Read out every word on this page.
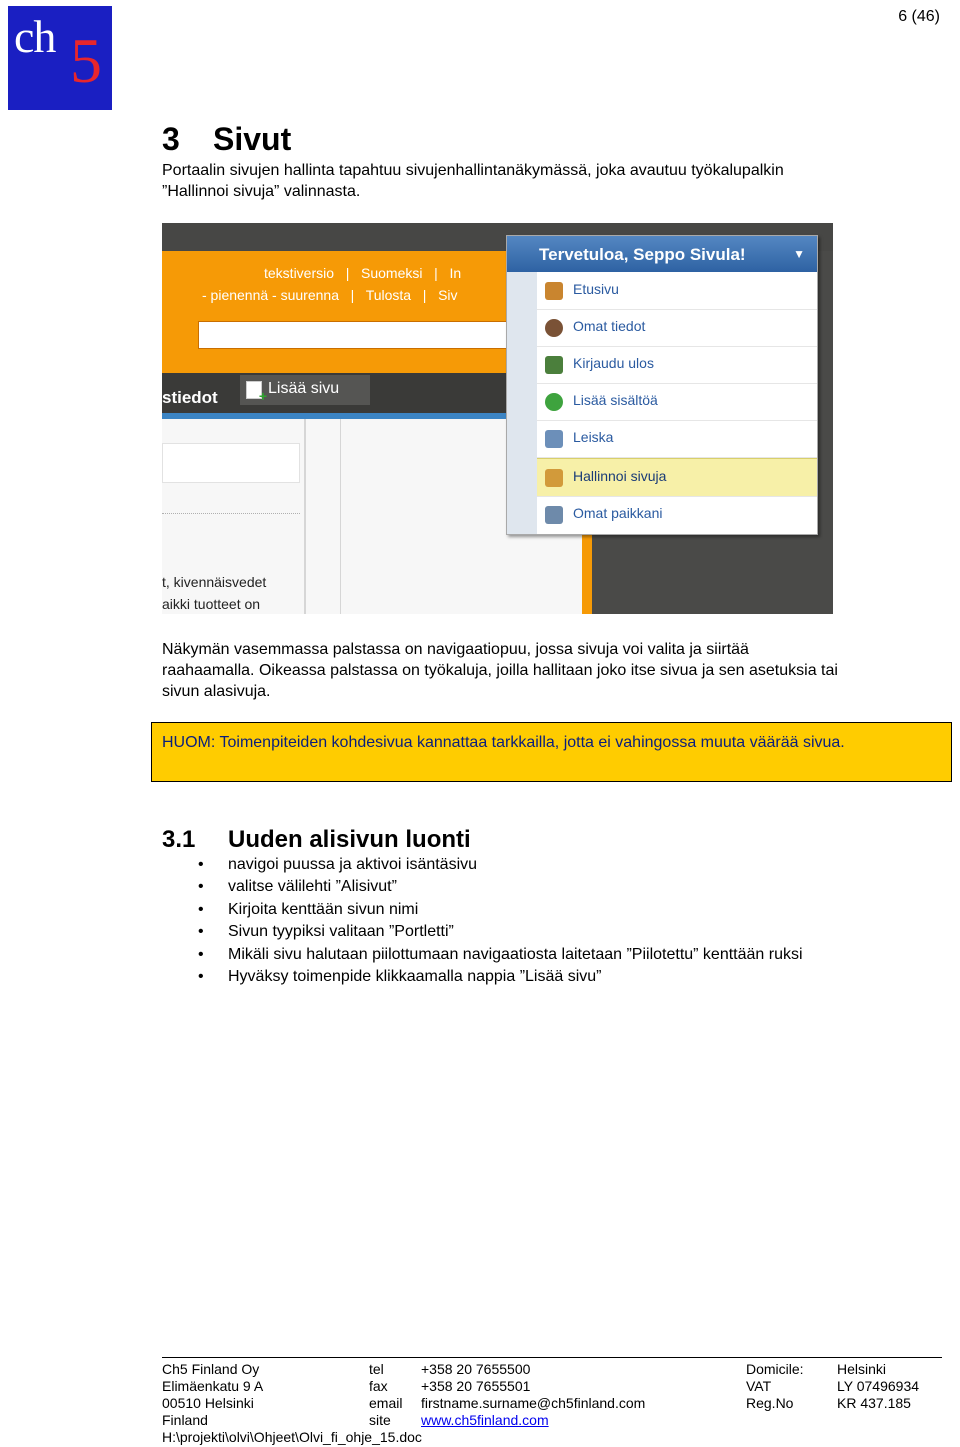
ch 5
6 (46)
3 Sivut
Portaalin sivujen hallinta tapahtuu sivujenhallintanäkymässä, joka avautuu työkalupalkin
”Hallinnoi sivuja” valinnasta.
tekstiversio   |   Suomeksi   |   In
- pienennä - suurenna   |   Tulosta   |   Siv
stiedot
+	Lisää sivu
t, kivennäisvedet
aikki tuotteet on
Tervetuloa, Seppo Sivula!	▼
Etusivu
Omat tiedot
Kirjaudu ulos
Lisää sisältöä
Leiska
Hallinnoi sivuja
Omat paikkani
Näkymän vasemmassa palstassa on navigaatiopuu, jossa sivuja voi valita ja siirtää
raahaamalla. Oikeassa palstassa on työkaluja, joilla hallitaan joko itse sivua ja sen asetuksia tai
sivun alasivuja.
HUOM: Toimenpiteiden kohdesivua kannattaa tarkkailla, jotta ei vahingossa muuta väärää sivua.
3.1 Uuden alisivun luonti
• navigoi puussa ja aktivoi isäntäsivu
• valitse välilehti ”Alisivut”
• Kirjoita kenttään sivun nimi
• Sivun tyypiksi valitaan ”Portletti”
• Mikäli sivu halutaan piilottumaan navigaatiosta laitetaan ”Piilotettu” kenttään ruksi
• Hyväksy toimenpide klikkaamalla nappia ”Lisää sivu”
Ch5 Finland Oy
Elimäenkatu 9 A
00510 Helsinki
Finland
H:\projekti\olvi\Ohjeet\Olvi_fi_ohje_15.doc
tel
fax
email
site
+358 20 7655500
+358 20 7655501
firstname.surname@ch5finland.com
www.ch5finland.com
Domicile:
VAT
Reg.No
Helsinki
LY 07496934
KR 437.185
